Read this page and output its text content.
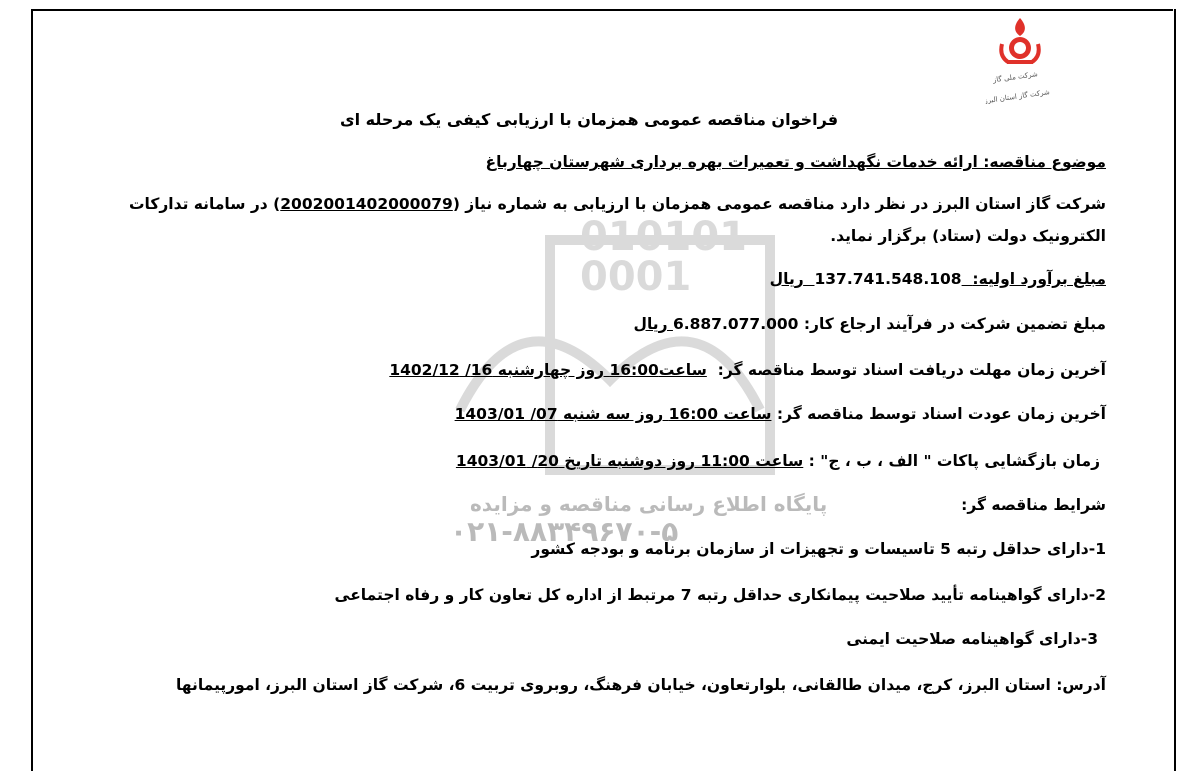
شرکت ملی گاز
شرکت گاز استان البرز
010101
0001
پایگاه اطلاع رسانی مناقصه و مزایده
۰۲۱-۸۸۳۴۹۶۷۰-۵
فراخوان مناقصه عمومی همزمان با ارزیابی کیفی یک مرحله ای
موضوع مناقصه: ارائه خدمات نگهداشت و تعمیرات بهره برداری شهرستان چهارباغ
شرکت گاز استان البرز در نظر دارد مناقصه عمومی همزمان با ارزیابی به شماره نیاز (2002001402000079) در سامانه تدارکات
الکترونیک دولت (ستاد) برگزار نماید.
مبلغ برآورد اولیه:  137.741.548.108  ریال
مبلغ تضمین شرکت در فرآیند ارجاع کار: 6.887.077.000 ریال
آخرین زمان مهلت دریافت اسناد توسط مناقصه گر:  ساعت16:00 روز چهارشنبه 16/ 1402/12
آخرین زمان عودت اسناد توسط مناقصه گر: ساعت 16:00 روز سه شنبه 07/ 1403/01
زمان بازگشایی پاکات " الف ، ب ، ج" : ساعت 11:00 روز دوشنبه تاریخ 20/ 1403/01
شرایط مناقصه گر:
1-دارای حداقل رتبه 5 تاسیسات و تجهیزات از سازمان برنامه و بودجه کشور
2-دارای گواهینامه تأیید صلاحیت پیمانکاری حداقل رتبه 7 مرتبط از اداره کل تعاون کار و رفاه اجتماعی
3-دارای گواهینامه صلاحیت ایمنی
آدرس: استان البرز، کرج، میدان طالقانی، بلوارتعاون، خیابان فرهنگ، روبروی تربیت 6، شرکت گاز استان البرز، امورپیمانها
